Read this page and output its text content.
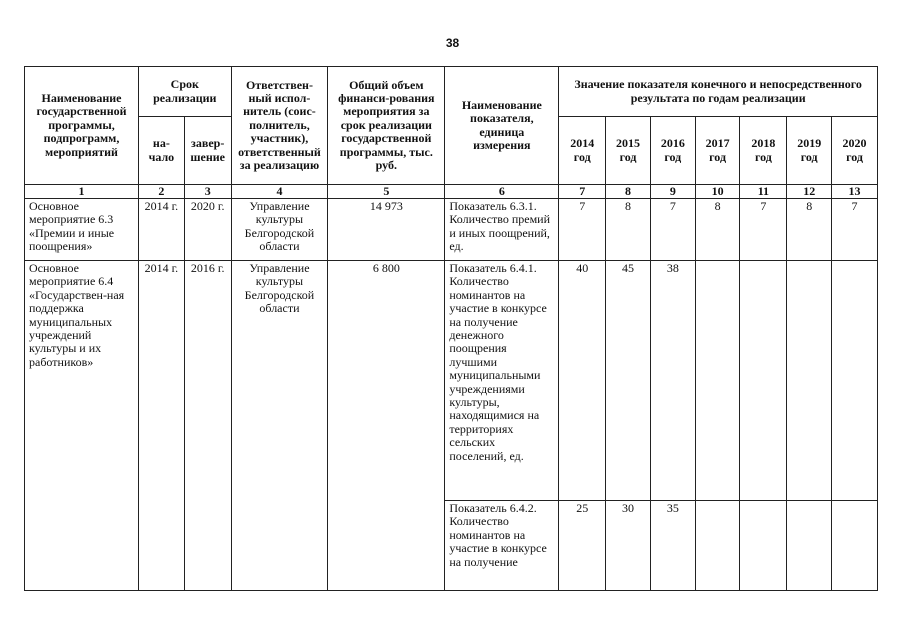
38
Наименование государственной программы, подпрограмм, мероприятий	Срок реализации		Ответствен-ный испол-нитель (соис-полнитель, участник), ответственный за реализацию	Общий объем финанси-рования мероприятия за срок реализации государственной программы, тыс. руб.	Наименование показателя, единица измерения	Значение показателя конечного и непосредственного результата по годам реализации						
	на-чало	завер-шение				2014 год	2015 год	2016 год	2017 год	2018 год	2019 год	2020 год
1	2	3	4	5	6	7	8	9	10	11	12	13
Основное мероприятие 6.3 «Премии и иные поощрения»	2014 г.	2020 г.	Управление культуры Белгородской области	14 973	Показатель 6.3.1. Количество премий и иных поощрений, ед.	7	8	7	8	7	8	7
Основное мероприятие 6.4 «Государствен-ная поддержка муниципальных учреждений культуры и их работников»	2014 г.	2016 г.	Управление культуры Белгородской области	6 800	Показатель 6.4.1. Количество номинантов на участие в конкурсе на получение денежного поощрения лучшими муниципальными учреждениями культуры, находящимися на территориях сельских поселений, ед.	40	45	38				
					Показатель 6.4.2. Количество номинантов на участие в конкурсе на получение	25	30	35				
